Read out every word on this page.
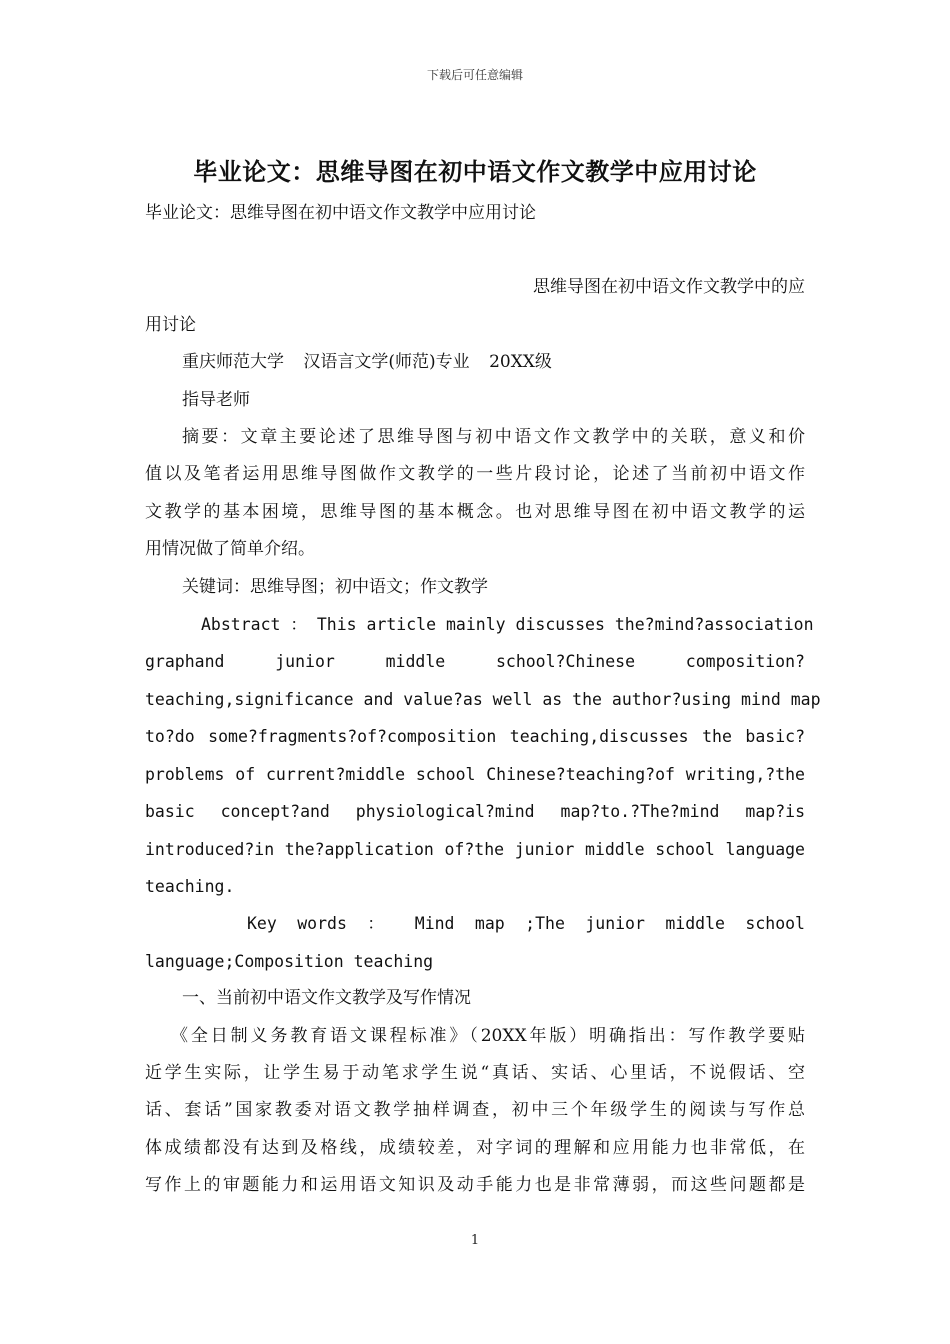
下载后可任意编辑
毕业论文：思维导图在初中语文作文教学中应用讨论
毕业论文：思维导图在初中语文作文教学中应用讨论
思维导图在初中语文作文教学中的应
用讨论
重庆师范大学 汉语言文学(师范)专业 20XX级
指导老师
摘要：文章主要论述了思维导图与初中语文作文教学中的关联，意义和价
值以及笔者运用思维导图做作文教学的一些片段讨论，论述了当前初中语文作
文教学的基本困境，思维导图的基本概念。也对思维导图在初中语文教学的运
用情况做了简单介绍。
关键词：思维导图；初中语文；作文教学
Abstract ： This article mainly discusses the?mind?association
graphand junior middle school?Chinese composition?
teaching,significance and value?as well as the author?using mind map
to?do some?fragments?of?composition teaching,discusses the basic?
problems of current?middle school Chinese?teaching?of writing,?the
basic concept?and physiological?mind map?to.?The?mind map?is
introduced?in the?application of?the junior middle school language
teaching.
Key words ： Mind map ;The junior middle school
language;Composition teaching
一、当前初中语文作文教学及写作情况
《全日制义务教育语文课程标准》（20XX年版）明确指出：写作教学要贴
近学生实际，让学生易于动笔求学生说“真话、实话、心里话，不说假话、空
话、套话”国家教委对语文教学抽样调查，初中三个年级学生的阅读与写作总
体成绩都没有达到及格线，成绩较差，对字词的理解和应用能力也非常低，在
写作上的审题能力和运用语文知识及动手能力也是非常薄弱，而这些问题都是
1
